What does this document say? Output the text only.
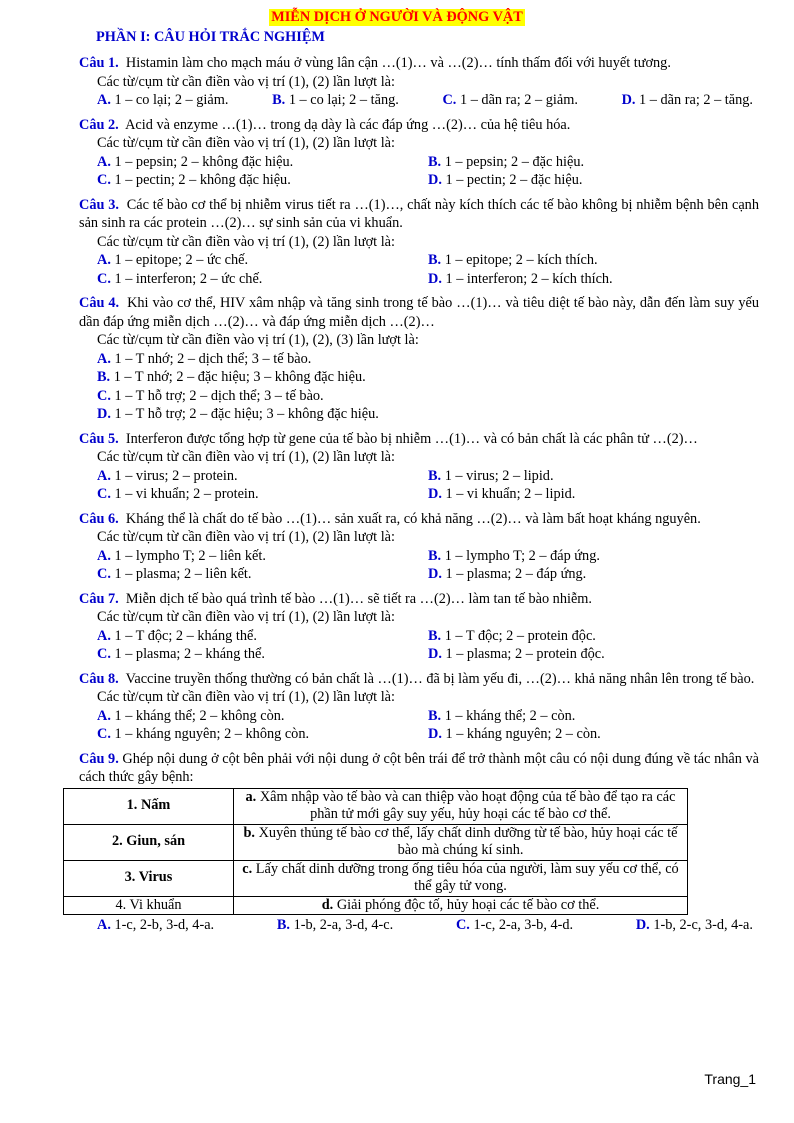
MIỄN DỊCH Ở NGƯỜI VÀ ĐỘNG VẬT
PHẦN I: CÂU HỎI TRẮC NGHIỆM
Câu 1. Histamin làm cho mạch máu ở vùng lân cận …(1)… và …(2)… tính thấm đối với huyết tương.
Các từ/cụm từ cần điền vào vị trí (1), (2) lần lượt là:
A. 1 – co lại; 2 – giảm.	B. 1 – co lại; 2 – tăng.	C. 1 – dãn ra; 2 – giảm.	D. 1 – dãn ra; 2 – tăng.
Câu 2. Acid và enzyme …(1)… trong dạ dày là các đáp ứng …(2)… của hệ tiêu hóa.
Các từ/cụm từ cần điền vào vị trí (1), (2) lần lượt là:
A. 1 – pepsin; 2 – không đặc hiệu.	B. 1 – pepsin; 2 – đặc hiệu.
C. 1 – pectin; 2 – không đặc hiệu.	D. 1 – pectin; 2 – đặc hiệu.
Câu 3. Các tế bào cơ thể bị nhiễm virus tiết ra …(1)…, chất này kích thích các tế bào không bị nhiễm bệnh bên cạnh sản sinh ra các protein …(2)… sự sinh sản của vi khuẩn.
Các từ/cụm từ cần điền vào vị trí (1), (2) lần lượt là:
A. 1 – epitope; 2 – ức chế.	B. 1 – epitope; 2 – kích thích.
C. 1 – interferon; 2 – ức chế.	D. 1 – interferon; 2 – kích thích.
Câu 4. Khi vào cơ thể, HIV xâm nhập và tăng sinh trong tế bào …(1)… và tiêu diệt tế bào này, dẫn đến làm suy yếu dần đáp ứng miễn dịch …(2)… và đáp ứng miễn dịch …(2)…
Các từ/cụm từ cần điền vào vị trí (1), (2), (3) lần lượt là:
A. 1 – T nhớ; 2 – dịch thể; 3 – tế bào.
B. 1 – T nhớ; 2 – đặc hiệu; 3 – không đặc hiệu.
C. 1 – T hỗ trợ; 2 – dịch thể; 3 – tế bào.
D. 1 – T hỗ trợ; 2 – đặc hiệu; 3 – không đặc hiệu.
Câu 5. Interferon được tổng hợp từ gene của tế bào bị nhiễm …(1)… và có bản chất là các phân tử …(2)…
Các từ/cụm từ cần điền vào vị trí (1), (2) lần lượt là:
A. 1 – virus; 2 – protein.	B. 1 – virus; 2 – lipid.
C. 1 – vi khuẩn; 2 – protein.	D. 1 – vi khuẩn; 2 – lipid.
Câu 6. Kháng thể là chất do tế bào …(1)… sản xuất ra, có khả năng …(2)… và làm bất hoạt kháng nguyên.
Các từ/cụm từ cần điền vào vị trí (1), (2) lần lượt là:
A. 1 – lympho T; 2 – liên kết.	B. 1 – lympho T; 2 – đáp ứng.
C. 1 – plasma; 2 – liên kết.	D. 1 – plasma; 2 – đáp ứng.
Câu 7. Miễn dịch tế bào quá trình tế bào …(1)… sẽ tiết ra …(2)… làm tan tế bào nhiễm.
Các từ/cụm từ cần điền vào vị trí (1), (2) lần lượt là:
A. 1 – T độc; 2 – kháng thể.	B. 1 – T độc; 2 – protein độc.
C. 1 – plasma; 2 – kháng thể.	D. 1 – plasma; 2 – protein độc.
Câu 8. Vaccine truyền thống thường có bản chất là …(1)… đã bị làm yếu đi, …(2)… khả năng nhân lên trong tế bào.
Các từ/cụm từ cần điền vào vị trí (1), (2) lần lượt là:
A. 1 – kháng thể; 2 – không còn.	B. 1 – kháng thể; 2 – còn.
C. 1 – kháng nguyên; 2 – không còn.	D. 1 – kháng nguyên; 2 – còn.
Câu 9. Ghép nội dung ở cột bên phải với nội dung ở cột bên trái để trở thành một câu có nội dung đúng về tác nhân và cách thức gây bệnh:
1. Nấm	a. Xâm nhập vào tế bào và can thiệp vào hoạt động của tế bào để tạo ra các phần tử mới gây suy yếu, hủy hoại các tế bào cơ thể.
2. Giun, sán	b. Xuyên thủng tế bào cơ thể, lấy chất dinh dưỡng từ tế bào, hủy hoại các tế bào mà chúng kí sinh.
3. Virus	c. Lấy chất dinh dưỡng trong ống tiêu hóa của người, làm suy yếu cơ thể, có thể gây tử vong.
4. Vi khuẩn	d. Giải phóng độc tố, hủy hoại các tế bào cơ thể.
A. 1-c, 2-b, 3-d, 4-a.	B. 1-b, 2-a, 3-d, 4-c.	C. 1-c, 2-a, 3-b, 4-d.	D. 1-b, 2-c, 3-d, 4-a.
Trang_1
